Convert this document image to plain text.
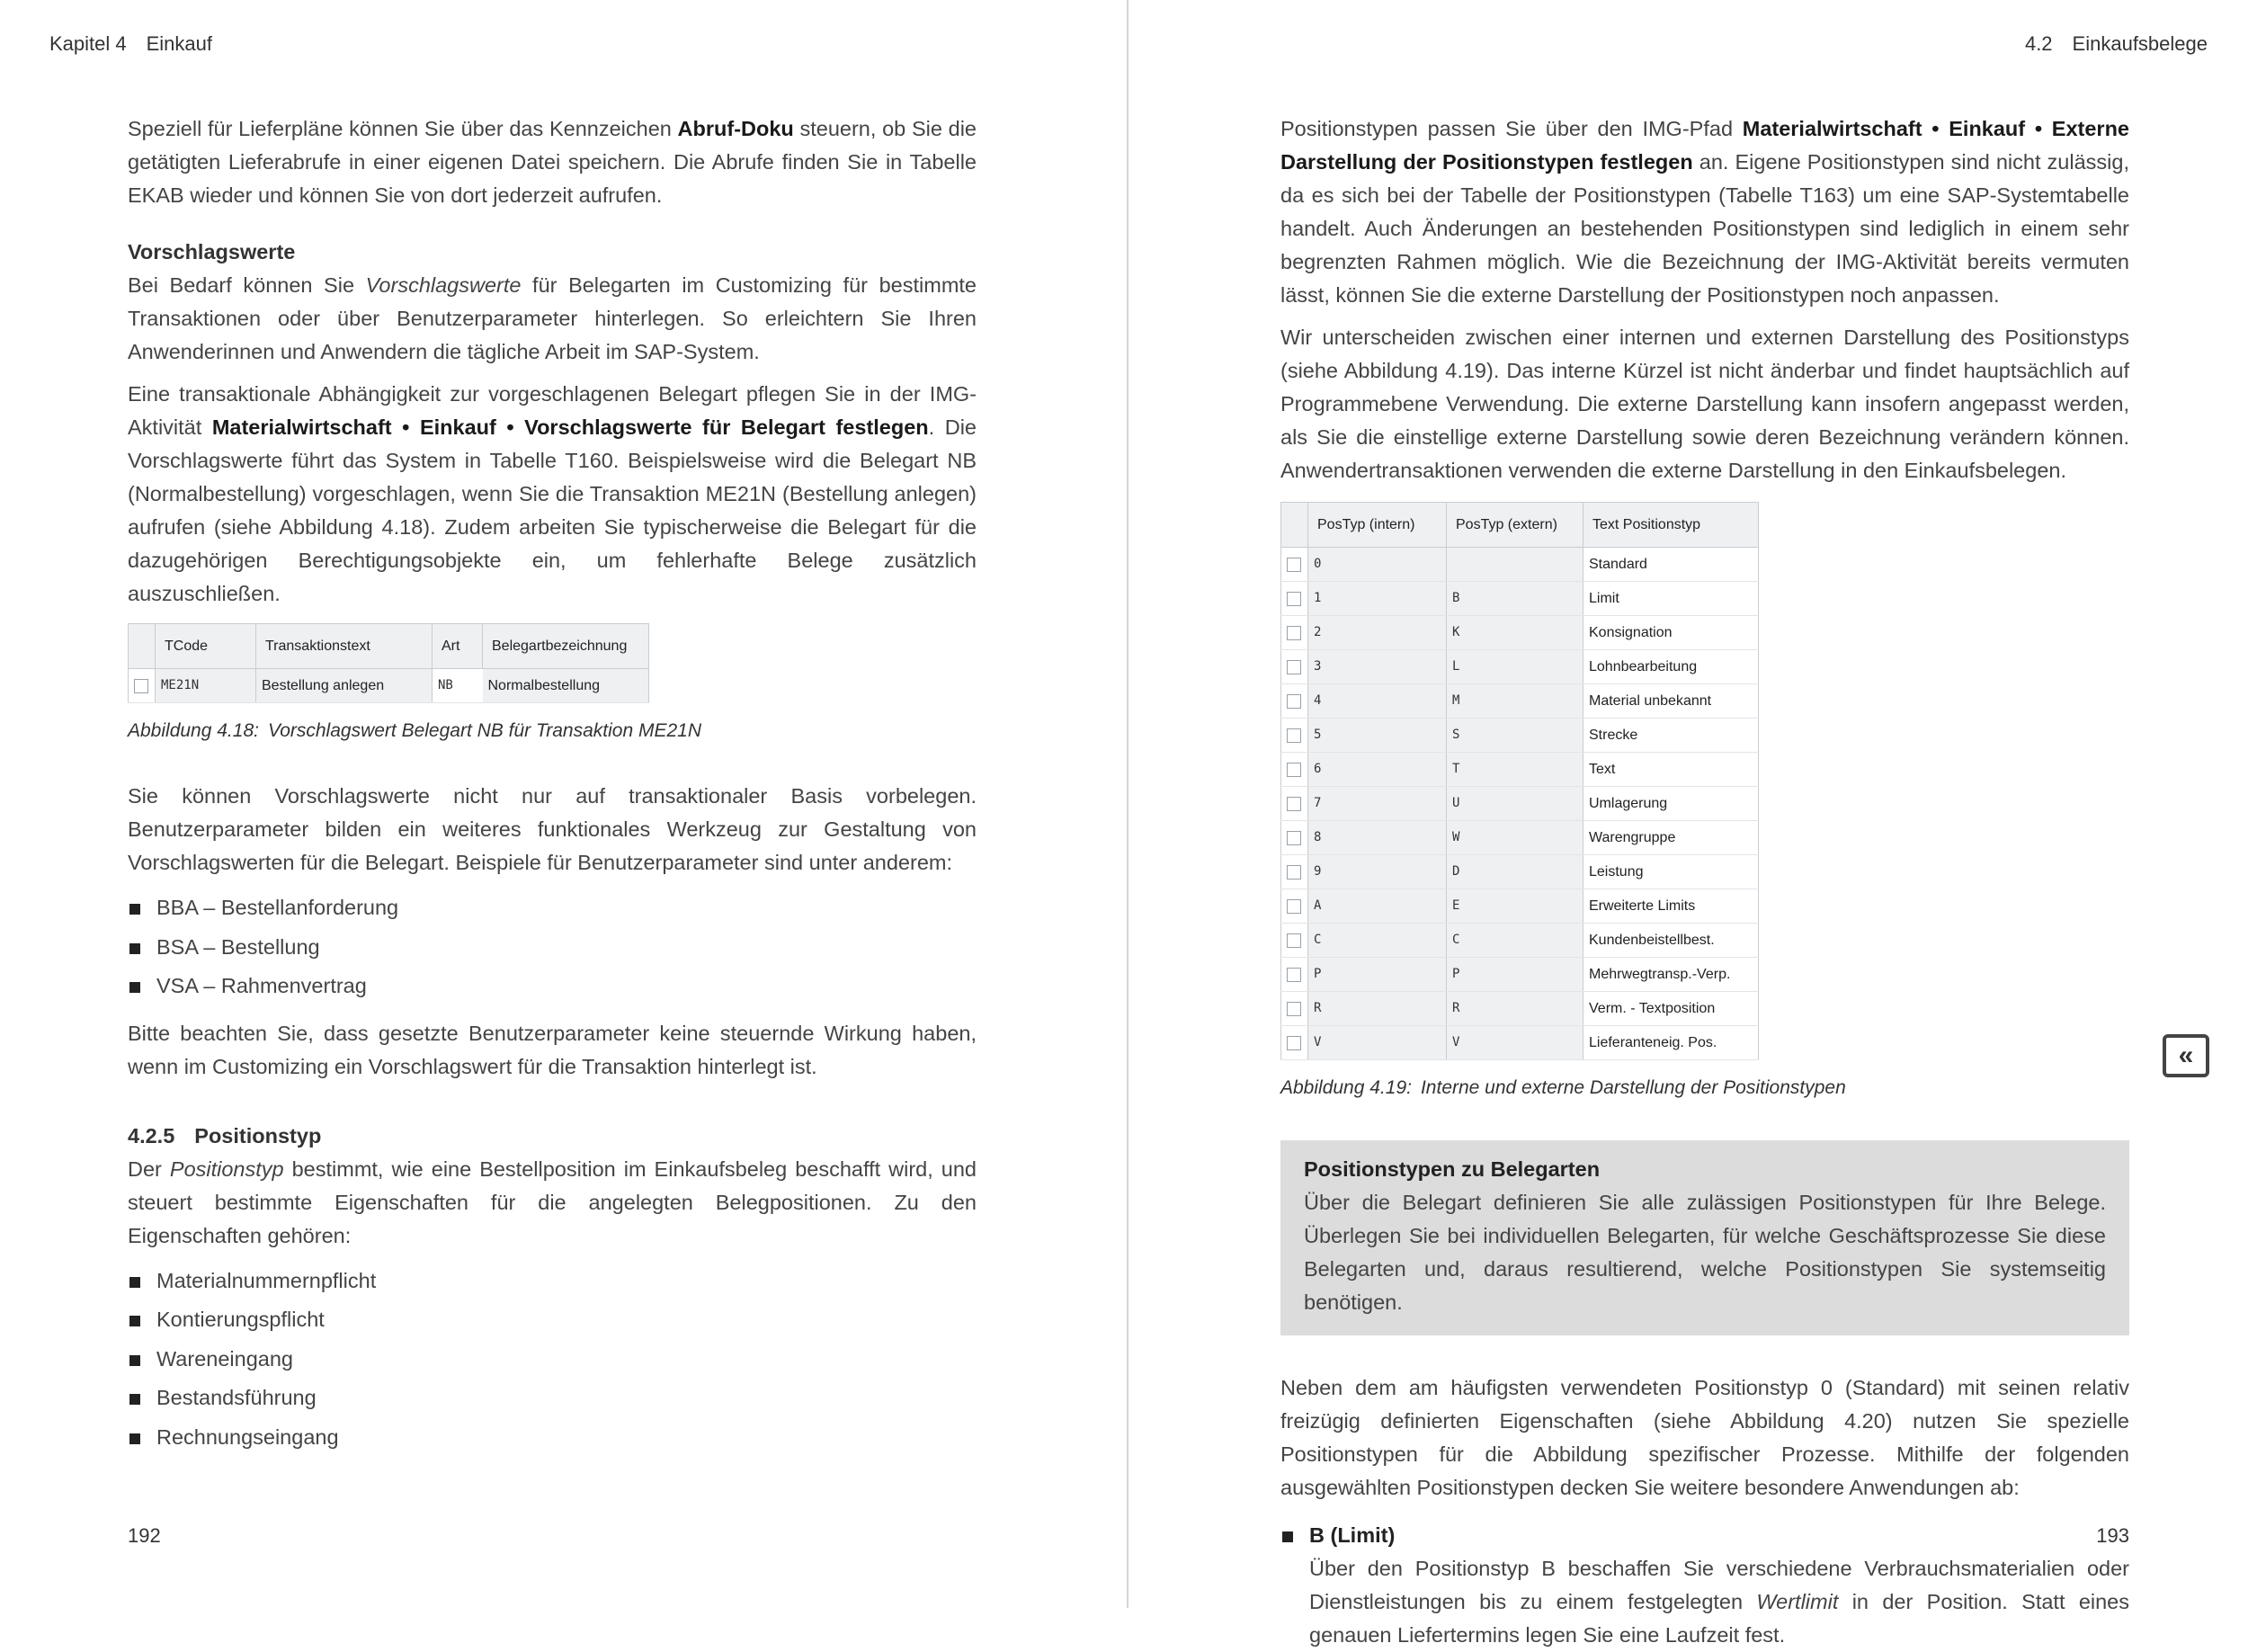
Kapitel 4 Einkauf

Speziell für Lieferpläne können Sie über das Kennzeichen Abruf-Doku steuern, ob Sie die getätigten Lieferabrufe in einer eigenen Datei speichern. Die Abrufe finden Sie in Tabelle EKAB wieder und können Sie von dort jederzeit aufrufen.

Vorschlagswerte

Bei Bedarf können Sie Vorschlagswerte für Belegarten im Customizing für bestimmte Transaktionen oder über Benutzerparameter hinterlegen. So erleichtern Sie Ihren Anwenderinnen und Anwendern die tägliche Arbeit im SAP-System.

Eine transaktionale Abhängigkeit zur vorgeschlagenen Belegart pflegen Sie in der IMG-Aktivität Materialwirtschaft • Einkauf • Vorschlagswerte für Belegart festlegen. Die Vorschlagswerte führt das System in Tabelle T160. Beispielsweise wird die Belegart NB (Normalbestellung) vorgeschlagen, wenn Sie die Transaktion ME21N (Bestellung anlegen) aufrufen (siehe Abbildung 4.18). Zudem arbeiten Sie typischerweise die Belegart für die dazugehörigen Berechtigungsobjekte ein, um fehlerhafte Belege zusätzlich auszuschließen.

	TCode	Transaktionstext	Art	Belegartbezeichnung
	ME21N	Bestellung anlegen	NB	Normalbestellung
Abbildung 4.18: Vorschlagswert Belegart NB für Transaktion ME21N

Sie können Vorschlagswerte nicht nur auf transaktionaler Basis vorbelegen. Benutzerparameter bilden ein weiteres funktionales Werkzeug zur Gestaltung von Vorschlagswerten für die Belegart. Beispiele für Benutzerparameter sind unter anderem:

BBA – Bestellanforderung
BSA – Bestellung
VSA – Rahmenvertrag

Bitte beachten Sie, dass gesetzte Benutzerparameter keine steuernde Wirkung haben, wenn im Customizing ein Vorschlagswert für die Transaktion hinterlegt ist.

4.2.5 Positionstyp

Der Positionstyp bestimmt, wie eine Bestellposition im Einkaufsbeleg beschafft wird, und steuert bestimmte Eigenschaften für die angelegten Belegpositionen. Zu den Eigenschaften gehören:

Materialnummernpflicht
Kontierungspflicht
Wareneingang
Bestandsführung
Rechnungseingang
192
4.2 Einkaufsbelege

Positionstypen passen Sie über den IMG-Pfad Materialwirtschaft • Einkauf • Externe Darstellung der Positionstypen festlegen an. Eigene Positionstypen sind nicht zulässig, da es sich bei der Tabelle der Positionstypen (Tabelle T163) um eine SAP-Systemtabelle handelt. Auch Änderungen an bestehenden Positionstypen sind lediglich in einem sehr begrenzten Rahmen möglich. Wie die Bezeichnung der IMG-Aktivität bereits vermuten lässt, können Sie die externe Darstellung der Positionstypen noch anpassen.

Wir unterscheiden zwischen einer internen und externen Darstellung des Positionstyps (siehe Abbildung 4.19). Das interne Kürzel ist nicht änderbar und findet hauptsächlich auf Programmebene Verwendung. Die externe Darstellung kann insofern angepasst werden, als Sie die einstellige externe Darstellung sowie deren Bezeichnung verändern können. Anwendertransaktionen verwenden die externe Darstellung in den Einkaufsbelegen.

	PosTyp (intern)	PosTyp (extern)	Text Positionstyp
	0		Standard
	1	B	Limit
	2	K	Konsignation
	3	L	Lohnbearbeitung
	4	M	Material unbekannt
	5	S	Strecke
	6	T	Text
	7	U	Umlagerung
	8	W	Warengruppe
	9	D	Leistung
	A	E	Erweiterte Limits
	C	C	Kundenbeistellbest.
	P	P	Mehrwegtransp.-Verp.
	R	R	Verm. - Textposition
	V	V	Lieferanteneig. Pos.
Abbildung 4.19: Interne und externe Darstellung der Positionstypen
Positionstypen zu Belegarten

Über die Belegart definieren Sie alle zulässigen Positionstypen für Ihre Belege. Überlegen Sie bei individuellen Belegarten, für welche Geschäftsprozesse Sie diese Belegarten und, daraus resultierend, welche Positionstypen Sie systemseitig benötigen.

Neben dem am häufigsten verwendeten Positionstyp 0 (Standard) mit seinen relativ freizügig definierten Eigenschaften (siehe Abbildung 4.20) nutzen Sie spezielle Positionstypen für die Abbildung spezifischer Prozesse. Mithilfe der folgenden ausgewählten Positionstypen decken Sie weitere besondere Anwendungen ab:

B (Limit)
Über den Positionstyp B beschaffen Sie verschiedene Verbrauchsmaterialien oder Dienstleistungen bis zu einem festgelegten Wertlimit in der Position. Statt eines genauen Liefertermins legen Sie eine Laufzeit fest.
193
«
